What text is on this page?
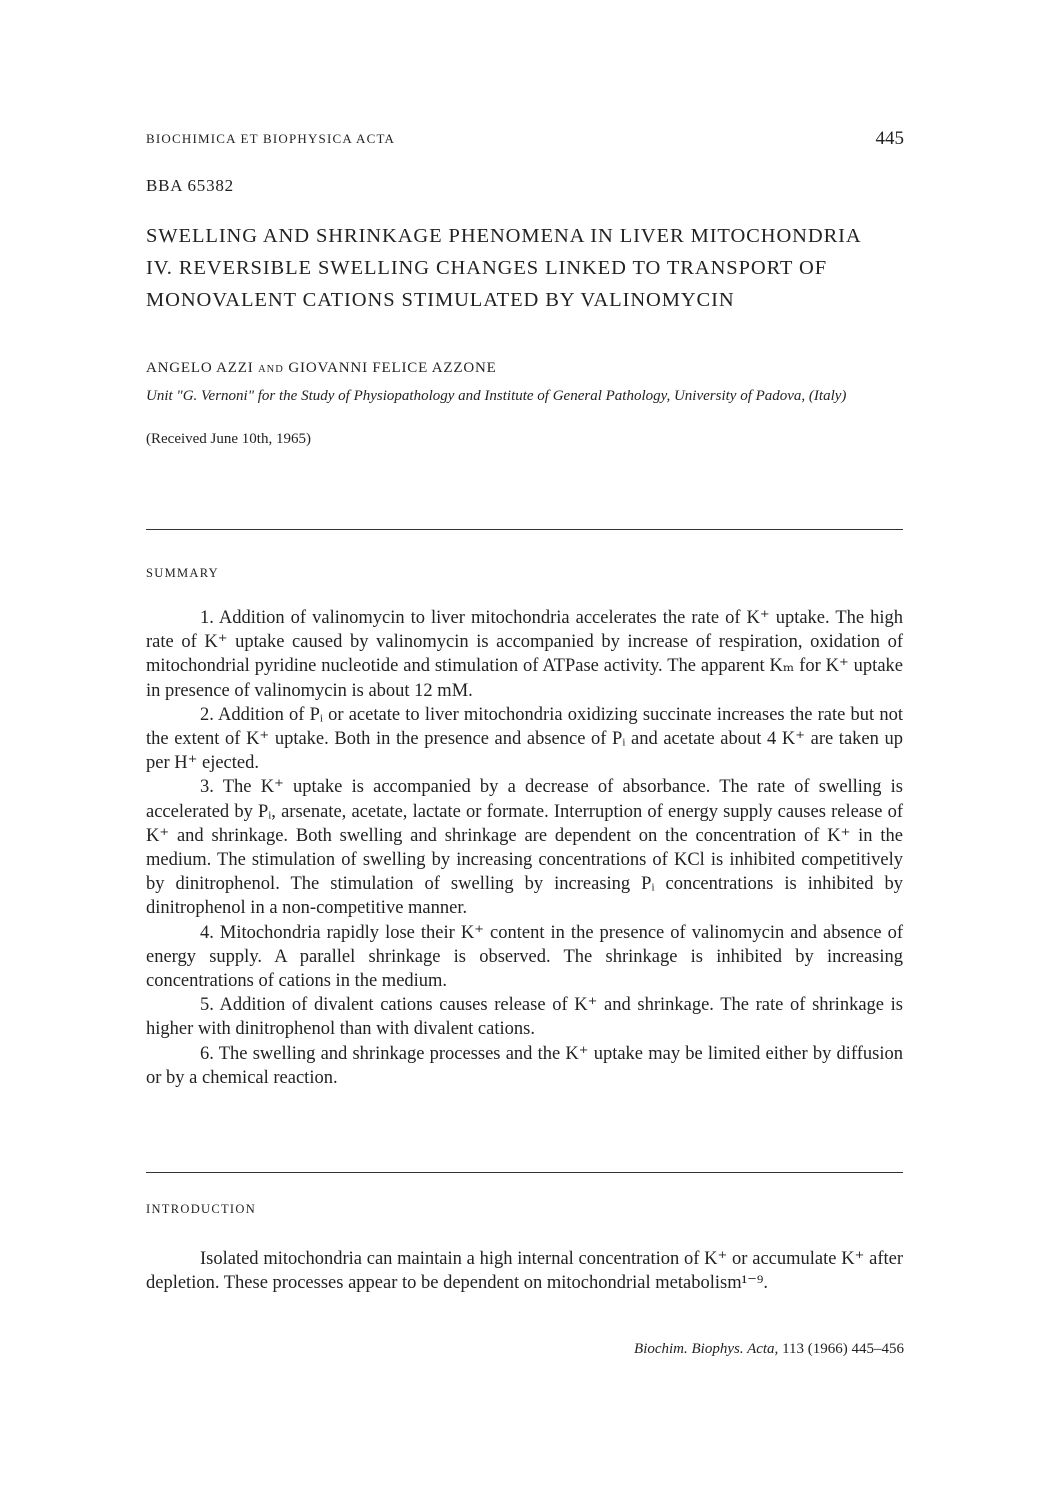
BIOCHIMICA ET BIOPHYSICA ACTA	445
BBA 65382
SWELLING AND SHRINKAGE PHENOMENA IN LIVER MITOCHONDRIA
IV. REVERSIBLE SWELLING CHANGES LINKED TO TRANSPORT OF
MONOVALENT CATIONS STIMULATED BY VALINOMYCIN
ANGELO AZZI AND GIOVANNI FELICE AZZONE
Unit "G. Vernoni" for the Study of Physiopathology and Institute of General Pathology, University of Padova, (Italy)
(Received June 10th, 1965)
SUMMARY

1. Addition of valinomycin to liver mitochondria accelerates the rate of K⁺ uptake. The high rate of K⁺ uptake caused by valinomycin is accompanied by increase of respiration, oxidation of mitochondrial pyridine nucleotide and stimulation of ATPase activity. The apparent Kₘ for K⁺ uptake in presence of valinomycin is about 12 mM.

2. Addition of Pᵢ or acetate to liver mitochondria oxidizing succinate increases the rate but not the extent of K⁺ uptake. Both in the presence and absence of Pᵢ and acetate about 4 K⁺ are taken up per H⁺ ejected.

3. The K⁺ uptake is accompanied by a decrease of absorbance. The rate of swelling is accelerated by Pᵢ, arsenate, acetate, lactate or formate. Interruption of energy supply causes release of K⁺ and shrinkage. Both swelling and shrinkage are dependent on the concentration of K⁺ in the medium. The stimulation of swelling by increasing concentrations of KCl is inhibited competitively by dinitrophenol. The stimulation of swelling by increasing Pᵢ concentrations is inhibited by dinitrophenol in a non-competitive manner.

4. Mitochondria rapidly lose their K⁺ content in the presence of valinomycin and absence of energy supply. A parallel shrinkage is observed. The shrinkage is inhibited by increasing concentrations of cations in the medium.

5. Addition of divalent cations causes release of K⁺ and shrinkage. The rate of shrinkage is higher with dinitrophenol than with divalent cations.

6. The swelling and shrinkage processes and the K⁺ uptake may be limited either by diffusion or by a chemical reaction.

INTRODUCTION

Isolated mitochondria can maintain a high internal concentration of K⁺ or accumulate K⁺ after depletion. These processes appear to be dependent on mitochondrial metabolism¹⁻⁹.

Biochim. Biophys. Acta, 113 (1966) 445–456
